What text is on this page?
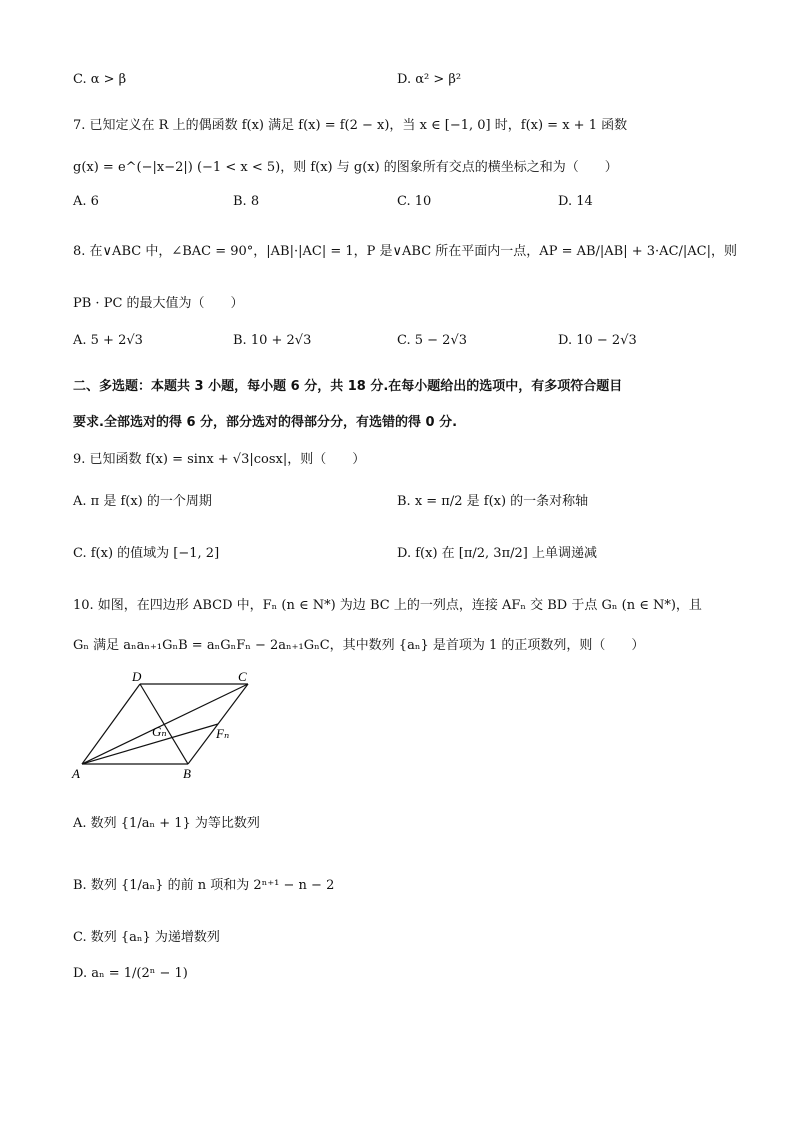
C. α > β	D. α² > β²
7. 已知定义在 R 上的偶函数 f(x) 满足 f(x) = f(2 − x)，当 x ∈ [−1, 0] 时，f(x) = x + 1 函数
g(x) = e^(−|x−2|) (−1 < x < 5)，则 f(x) 与 g(x) 的图象所有交点的横坐标之和为（　　）
A. 6	B. 8	C. 10	D. 14
8. 在∨ABC 中，∠BAC = 90°，|AB|·|AC| = 1，P 是∨ABC 所在平面内一点，AP = AB/|AB| + 3·AC/|AC|，则
PB · PC 的最大值为（　　）
A. 5 + 2√3	B. 10 + 2√3	C. 5 − 2√3	D. 10 − 2√3
二、多选题：本题共 3 小题，每小题 6 分，共 18 分.在每小题给出的选项中，有多项符合题目
要求.全部选对的得 6 分，部分选对的得部分分，有选错的得 0 分.
9. 已知函数 f(x) = sinx + √3|cosx|，则（　　）
A. π 是 f(x) 的一个周期	B. x = π/2 是 f(x) 的一条对称轴
C. f(x) 的值域为 [−1, 2]	D. f(x) 在 [π/2, 3π/2] 上单调递减
10. 如图，在四边形 ABCD 中，Fₙ (n ∈ N*) 为边 BC 上的一列点，连接 AFₙ 交 BD 于点 Gₙ (n ∈ N*)，且
Gₙ 满足 aₙaₙ₊₁GₙB = aₙGₙFₙ − 2aₙ₊₁GₙC，其中数列 {aₙ} 是首项为 1 的正项数列，则（　　）
A	B
C
D
Gₙ	Fₙ
A. 数列 {1/aₙ + 1} 为等比数列
B. 数列 {1/aₙ} 的前 n 项和为 2ⁿ⁺¹ − n − 2
C. 数列 {aₙ} 为递增数列
D. aₙ = 1/(2ⁿ − 1)
